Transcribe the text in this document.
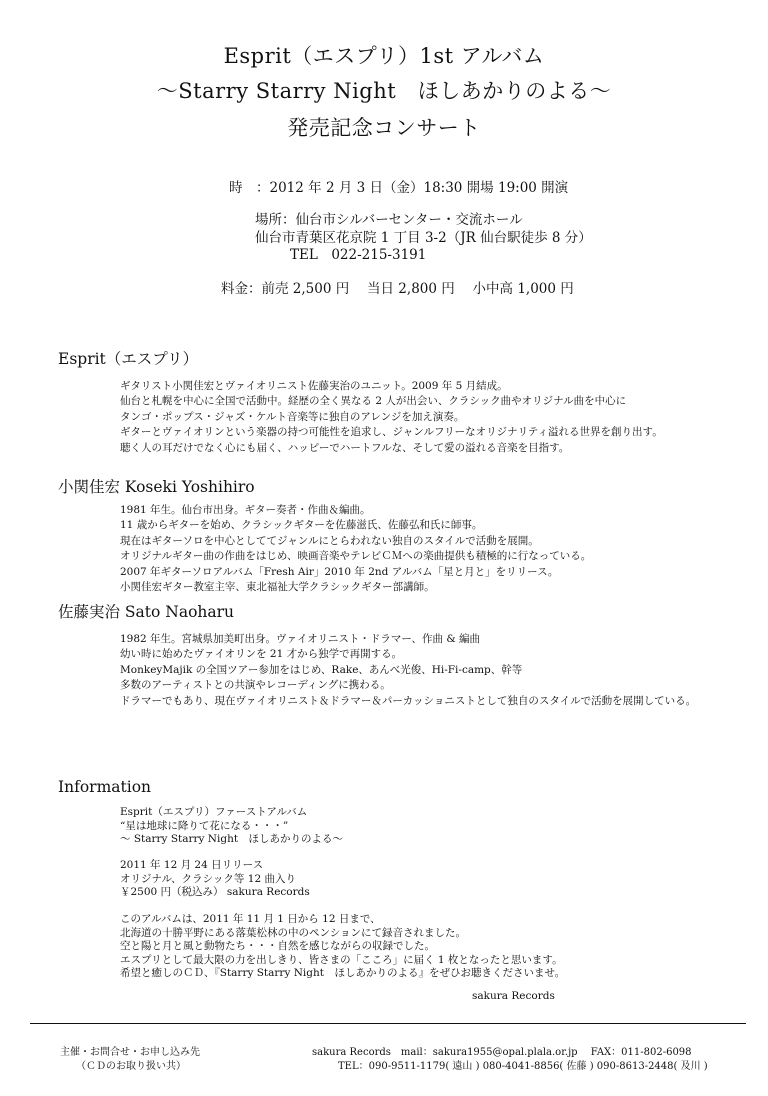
Esprit（エスプリ）1st アルバム
～Starry Starry Night　ほしあかりのよる～
発売記念コンサート
時　：2012 年 2 月 3 日（金）18:30 開場 19:00 開演
場所：仙台市シルバーセンター・交流ホール
仙台市青葉区花京院 1 丁目 3-2（JR 仙台駅徒歩 8 分）
TEL　022-215-3191
料金：前売 2,500 円　 当日 2,800 円　 小中高 1,000 円
Esprit（エスプリ）
ギタリスト小関佳宏とヴァイオリニスト佐藤実治のユニット。2009 年 5 月結成。
仙台と札幌を中心に全国で活動中。経歴の全く異なる 2 人が出会い、クラシック曲やオリジナル曲を中心に
タンゴ・ポップス・ジャズ・ケルト音楽等に独自のアレンジを加え演奏。
ギターとヴァイオリンという楽器の持つ可能性を追求し、ジャンルフリーなオリジナリティ溢れる世界を創り出す。
聴く人の耳だけでなく心にも届く、ハッピーでハートフルな、そして愛の溢れる音楽を目指す。
小関佳宏 Koseki Yoshihiro
1981 年生。仙台市出身。ギター奏者・作曲＆編曲。
11 歳からギターを始め、クラシックギターを佐藤滋氏、佐藤弘和氏に師事。
現在はギターソロを中心としててジャンルにとらわれない独自のスタイルで活動を展開。
オリジナルギター曲の作曲をはじめ、映画音楽やテレビＣＭへの楽曲提供も積極的に行なっている。
2007 年ギターソロアルバム「Fresh Air」2010 年 2nd アルバム「星と月と」をリリース。
小関佳宏ギター教室主宰、東北福祉大学クラシックギター部講師。
佐藤実治 Sato Naoharu
1982 年生。宮城県加美町出身。ヴァイオリニスト・ドラマー、作曲 & 編曲
幼い時に始めたヴァイオリンを 21 才から独学で再開する。
MonkeyMajik の全国ツアー参加をはじめ、Rake、あんべ光俊、Hi-Fi-camp、幹等
多数のアーティストとの共演やレコーディングに携わる。
ドラマーでもあり、現在ヴァイオリニスト＆ドラマー＆パーカッショニストとして独自のスタイルで活動を展開している。
Information
Esprit（エスプリ）ファーストアルバム
“星は地球に降りて花になる・・・”
～ Starry Starry Night　ほしあかりのよる～
2011 年 12 月 24 日リリース
オリジナル、クラシック等 12 曲入り
￥2500 円（税込み） sakura Records
このアルバムは、2011 年 11 月 1 日から 12 日まで、
北海道の十勝平野にある落葉松林の中のペンションにて録音されました。
空と陽と月と風と動物たち・・・自然を感じながらの収録でした。
エスプリとして最大限の力を出しきり、皆さまの「こころ」に届く 1 枚となったと思います。
希望と癒しのＣＤ、『Starry Starry Night　ほしあかりのよる』をぜひお聴きくださいませ。
sakura Records
主催・お問合せ・お申し込み先
（ＣＤのお取り扱い共）
sakura Records　mail：sakura1955@opal.plala.or.jp　 FAX：011-802-6098
TEL：090-9511-1179( 遠山 ) 080-4041-8856( 佐藤 ) 090-8613-2448( 及川 )
